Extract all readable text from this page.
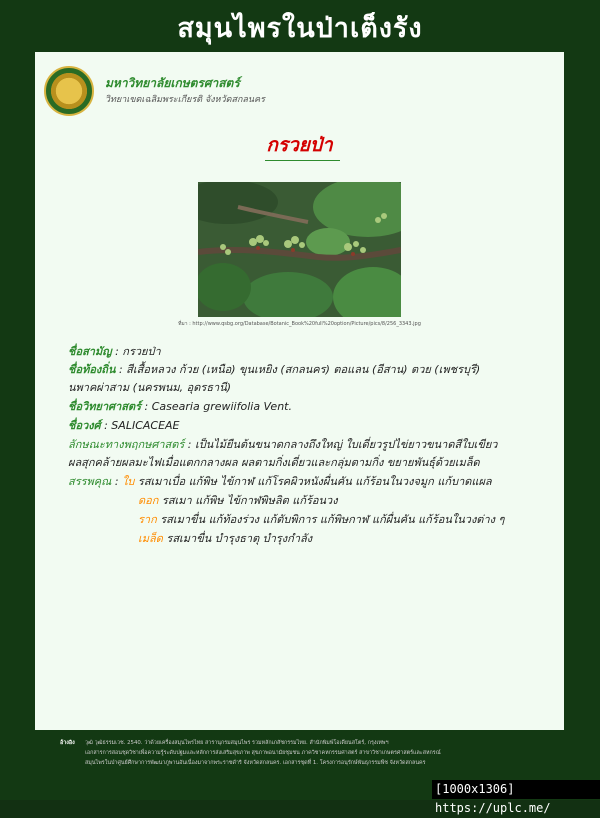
สมุนไพรในป่าเต็งรัง
มหาวิทยาลัยเกษตรศาสตร์
วิทยาเขตเฉลิมพระเกียรติ จังหวัดสกลนคร
กรวยป่า
ที่มา : http://www.qsbg.org/Database/Botanic_Book%20full%20option/Picture/pics/8/256_3343.jpg
ชื่อสามัญ : กรวยป่า
ชื่อท้องถิ่น : สีเสื้อหลวง ก้วย (เหนือ) ขุนเหยิง (สกลนคร) ตอแลน (อีสาน) ตวย (เพชรบุรี)
นพาคผ่าสาม (นครพนม, อุดรธานี)
ชื่อวิทยาศาสตร์ : Casearia grewiifolia Vent.
ชื่อวงศ์ : SALICACEAE
ลักษณะทางพฤกษศาสตร์ : เป็นไม้ยืนต้นขนาดกลางถึงใหญ่ ใบเดี่ยวรูปไข่ยาวขนาดสีใบเขียว
ผลสุกคล้ายผลมะไฟเมื่อแตกกลางผล ผลตามกิ่งเดี่ยวและกลุ่มตามกิ่ง ขยายพันธุ์ด้วยเมล็ด
สรรพคุณ : ใบ รสเมาเบื่อ แก้พิษ ไข้กาฬ แก้โรคผิวหนังผื่นคัน แก้ร้อนในวงจมูก แก้บาดแผล
ดอก รสเมา แก้พิษ ไข้กาฬพิษลิต แก้ร้อนวง
ราก รสเมาขื่น แก้ท้องร่วง แก้ตับพิการ แก้พิษกาฬ แก้ผื่นคัน แก้ร้อนในวงต่าง ๆ
เมล็ด รสเมาขื่น บำรุงธาตุ บำรุงกำลัง
อ้างอิง	วุฒิ วุฒิธรรมเวช. 2540. ว่าด้วยเครื่องสมุนไพรไทย สารานุกรมสมุนไพร รวมหลักเภสัชกรรมไทย. สำนักพิมพ์โอเดียนสโตร์, กรุงเทพฯ
เอกสารการสอนชุดวิชาเพื่อความรู้ระดับปฐมและหลักการส่งเสริมสุขภาพ สุขภาพอนามัยชุมชน ภาควิชาคหกรรมศาสตร์ สาขาวิชาเกษตรศาสตร์และสหกรณ์
สมุนไพรในป่าศูนย์ศึกษาการพัฒนาภูพานอันเนื่องมาจากพระราชดำริ จังหวัดสกลนคร. เอกสารชุดที่ 1. โครงการอนุรักษ์พันธุกรรมพืช จังหวัดสกลนคร
[1000x1306] https://uplc.me/
